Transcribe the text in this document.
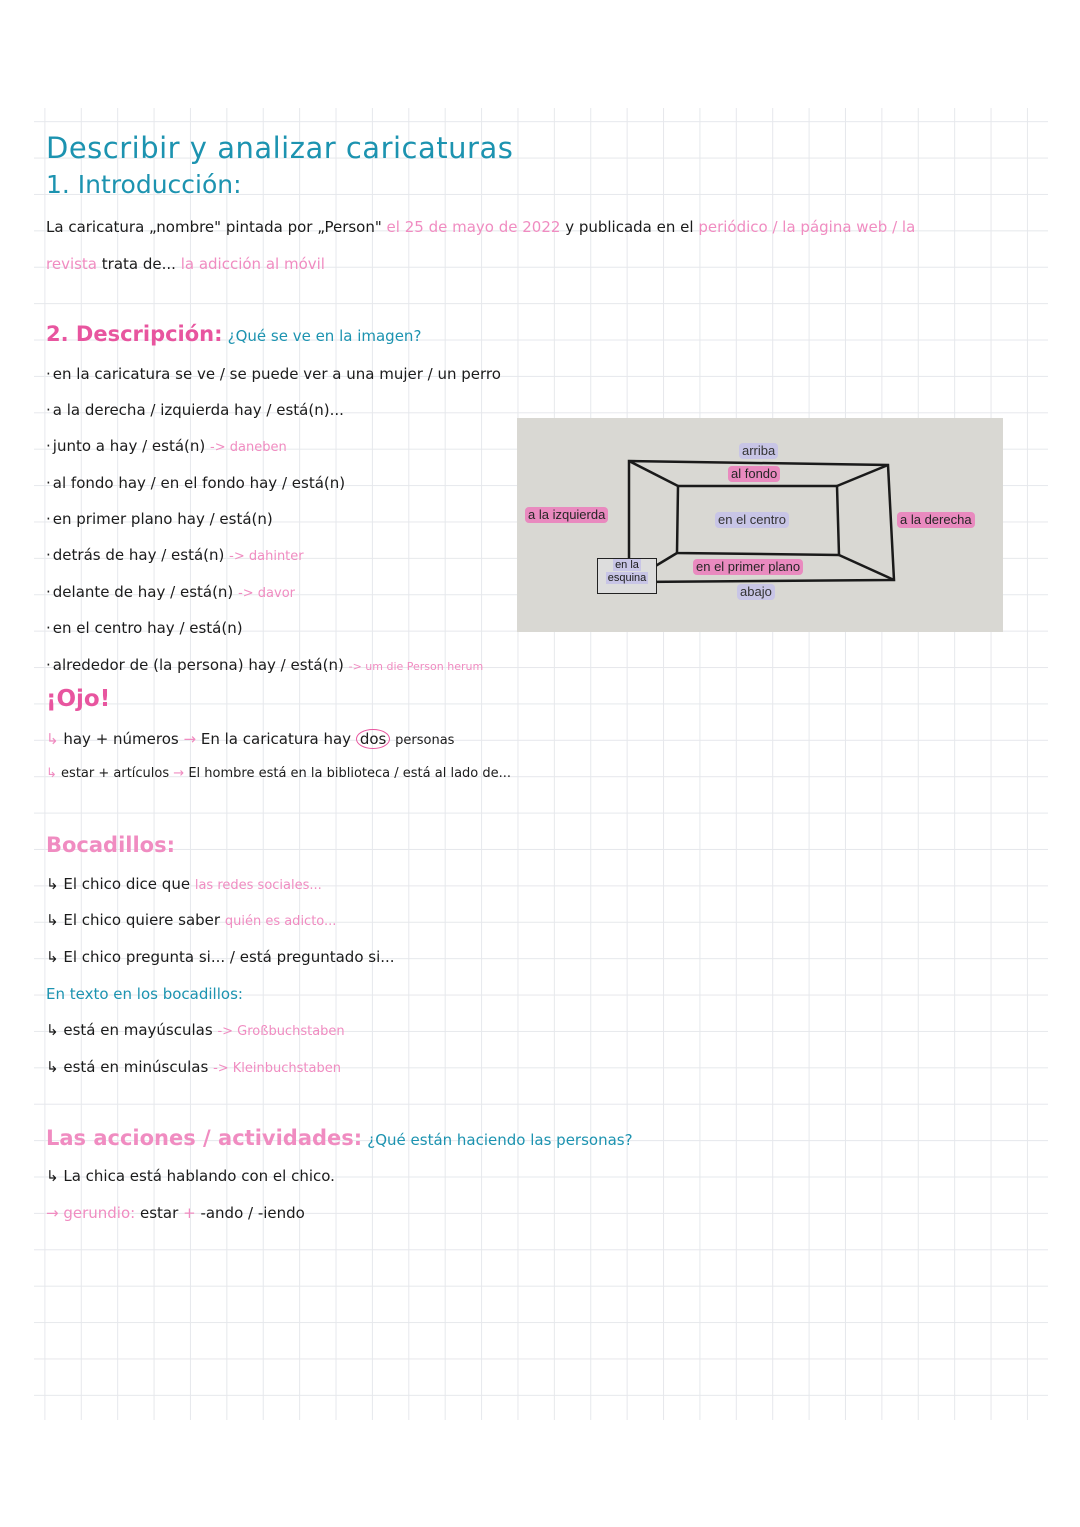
Describir y analizar caricaturas
1. Introducción:
La caricatura „nombre" pintada por „Person" el 25 de mayo de 2022 y publicada en el periódico / la página web / la
revista trata de... la adicción al móvil
2. Descripción: ¿Qué se ve en la imagen?
· en la caricatura se ve / se puede ver a una mujer / un perro
· a la derecha / izquierda hay / está(n)...
· junto a hay / está(n) -> daneben
· al fondo hay / en el fondo hay / está(n)
· en primer plano hay / está(n)
· detrás de hay / está(n) -> dahinter
· delante de hay / está(n) -> davor
· en el centro hay / está(n)
· alrededor de (la persona) hay / está(n) -> um die Person herum
arriba
al fondo
a la izquierda	en el centro	a la derecha
en la
esquina
en el primer plano
abajo
¡Ojo!
↳ hay + números → En la caricatura hay dos personas
↳ estar + artículos → El hombre está en la biblioteca / está al lado de...
Bocadillos:
↳ El chico dice que las redes sociales...
↳ El chico quiere saber quién es adicto...
↳ El chico pregunta si... / está preguntado si...
En texto en los bocadillos:
↳ está en mayúsculas -> Großbuchstaben
↳ está en minúsculas -> Kleinbuchstaben
Las acciones / actividades: ¿Qué están haciendo las personas?
↳ La chica está hablando con el chico.
→ gerundio: estar + -ando / -iendo
